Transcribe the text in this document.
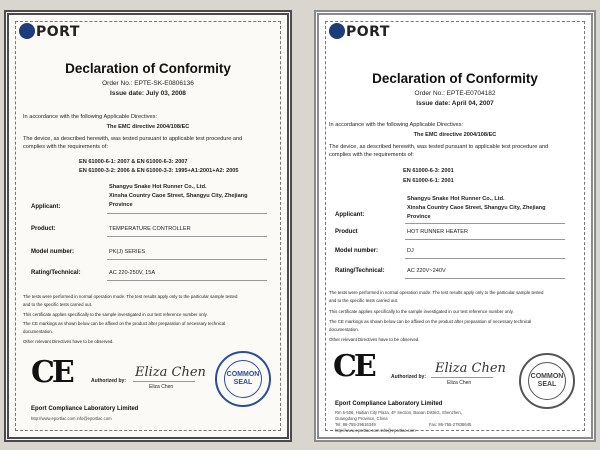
PORT
Declaration of Conformity
Order No.: EPTE-SK-E0806136
Issue date: July 03, 2008
In accordance with the following Applicable Directives:
The EMC directive 2004/108/EC
The device, as described herewith, was tested pursuant to applicable test procedure and
complies with the requirements of:
EN 61000-6-1: 2007 & EN 61000-6-3: 2007
EN 61000-3-2: 2006 & EN 61000-3-3: 1995+A1:2001+A2: 2005
Applicant:
Shangyu Snake Hot Runner Co., Ltd.
Xinsha Country Caoe Street, Shangyu City, Zhejiang
Province
Product:	TEMPERATURE CONTROLLER
Model number:	PK(J) SERIES
Rating/Technical:	AC 220-250V, 15A
The tests were performed in normal operation mode. The test results apply only to the particular sample tested
and to the specific tests carried out.
This certificate applies specifically to the sample investigated in our test reference number only.
The CE markings as shown below can be affixed on the product after preparation of necessary technical
documentation.
Other relevant Directives have to be observed.
CE	Authorized by:
Eliza Chen
Eliza Chen
COMMON
SEAL
Eport Compliance Laboratory Limited
http://www.eportlac.com info@eportlac.com
PORT
Declaration of Conformity
Order No.: EPTE-E0704182
Issue date: April 04, 2007
In accordance with the following Applicable Directives:
The EMC directive 2004/108/EC
The device, as described herewith, was tested pursuant to applicable test procedure and
complies with the requirements of:
EN 61000-6-3: 2001
EN 61000-6-1: 2001
Applicant:
Shangyu Snake Hot Runner Co., Ltd.
Xinsha Country Caoe Street, Shangyu City, Zhejiang
Province
Product	HOT RUNNER HEATER
Model number:	DJ
Rating/Technical:	AC 220V~240V
The tests were performed in normal operation mode. The test results apply only to the particular sample tested
and to the specific tests carried out.
This certificate applies specifically to the sample investigated in our test reference number only.
The CE markings as shown below can be affixed on the product after preparation of necessary technical
documentation.
Other relevant Directives have to be observed.
CE	Authorized by:
Eliza Chen
Eliza Chen
COMMON
SEAL
Eport Compliance Laboratory Limited
Rm 5-506, Haitian City Plaza, 4F Section, Baoan District, Shenzhen,
Guangdong Province, China
Tel: 86-755-29616349	Fax: 86-755-27838645
http://www.eportlac.com info@eportlac.com
